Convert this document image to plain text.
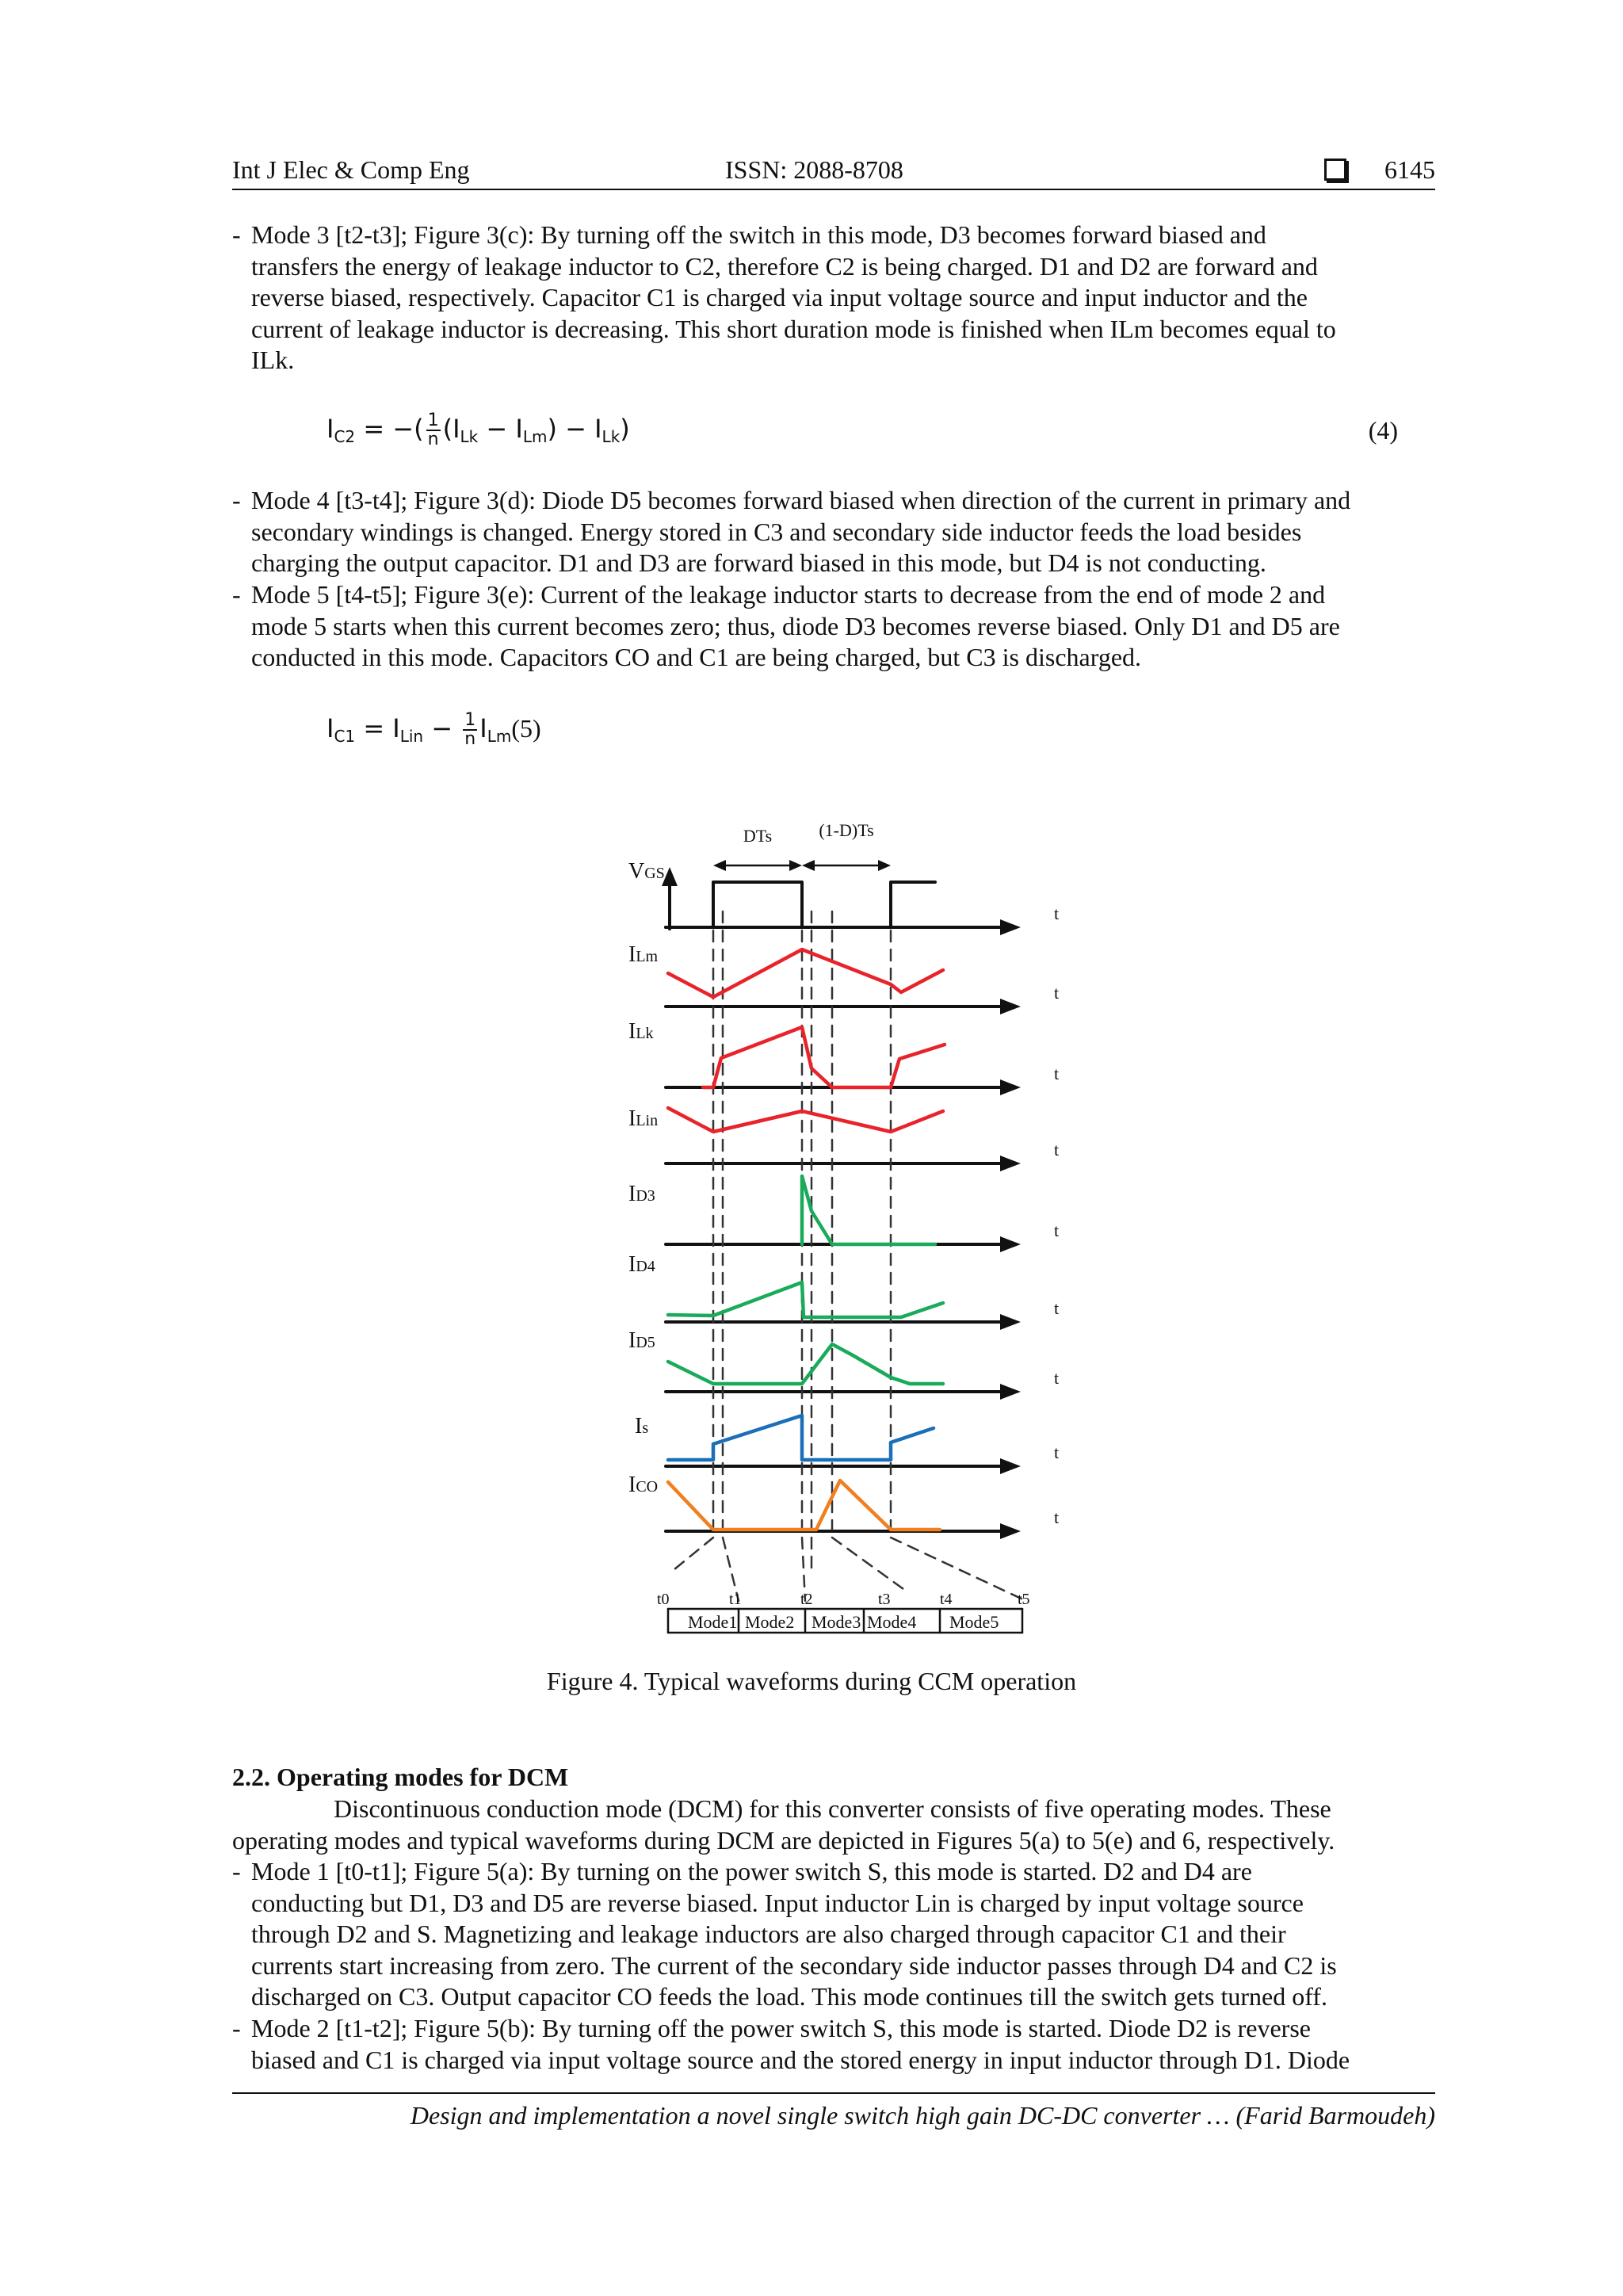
Int J Elec & Comp Eng	ISSN: 2088-8708	6145
- Mode 3 [t2-t3]; Figure 3(c): By turning off the switch in this mode, D3 becomes forward biased and
transfers the energy of leakage inductor to C2, therefore C2 is being charged. D1 and D2 are forward and
reverse biased, respectively. Capacitor C1 is charged via input voltage source and input inductor and the
current of leakage inductor is decreasing. This short duration mode is finished when ILm becomes equal to
ILk.
$I_{C2}$ = −( $\frac{1}{n} (I_{Lk} - I_{Lm}) - I_{Lk}$)	(4)
- Mode 4 [t3-t4]; Figure 3(d): Diode D5 becomes forward biased when direction of the current in primary and
secondary windings is changed. Energy stored in C3 and secondary side inductor feeds the load besides
charging the output capacitor. D1 and D3 are forward biased in this mode, but D4 is not conducting.
- Mode 5 [t4-t5]; Figure 3(e): Current of the leakage inductor starts to decrease from the end of mode 2 and
mode 5 starts when this current becomes zero; thus, diode D3 becomes reverse biased. Only D1 and D5 are
conducted in this mode. Capacitors CO and C1 are being charged, but C3 is discharged.
$I_{C1} = I_{Lin} - \frac{1}{n} I_{Lm}(5)$
t
t
t
t
t
t
t
t
t
VGS
ILm
ILk
ILin
ID3
ID4
ID5
Is
ICO
DTs	(1-D)Ts
Mode1 Mode2 Mode3 Mode4 Mode5
t0	t1	t2	t3	t4	t5
Figure 4. Typical waveforms during CCM operation
2.2. Operating modes for DCM
Discontinuous conduction mode (DCM) for this converter consists of five operating modes. These
operating modes and typical waveforms during DCM are depicted in Figures 5(a) to 5(e) and 6, respectively.
- Mode 1 [t0-t1]; Figure 5(a): By turning on the power switch S, this mode is started. D2 and D4 are
conducting but D1, D3 and D5 are reverse biased. Input inductor Lin is charged by input voltage source
through D2 and S. Magnetizing and leakage inductors are also charged through capacitor C1 and their
currents start increasing from zero. The current of the secondary side inductor passes through D4 and C2 is
discharged on C3. Output capacitor CO feeds the load. This mode continues till the switch gets turned off.
- Mode 2 [t1-t2]; Figure 5(b): By turning off the power switch S, this mode is started. Diode D2 is reverse
biased and C1 is charged via input voltage source and the stored energy in input inductor through D1. Diode
Design and implementation a novel single switch high gain DC-DC converter … (Farid Barmoudeh)
